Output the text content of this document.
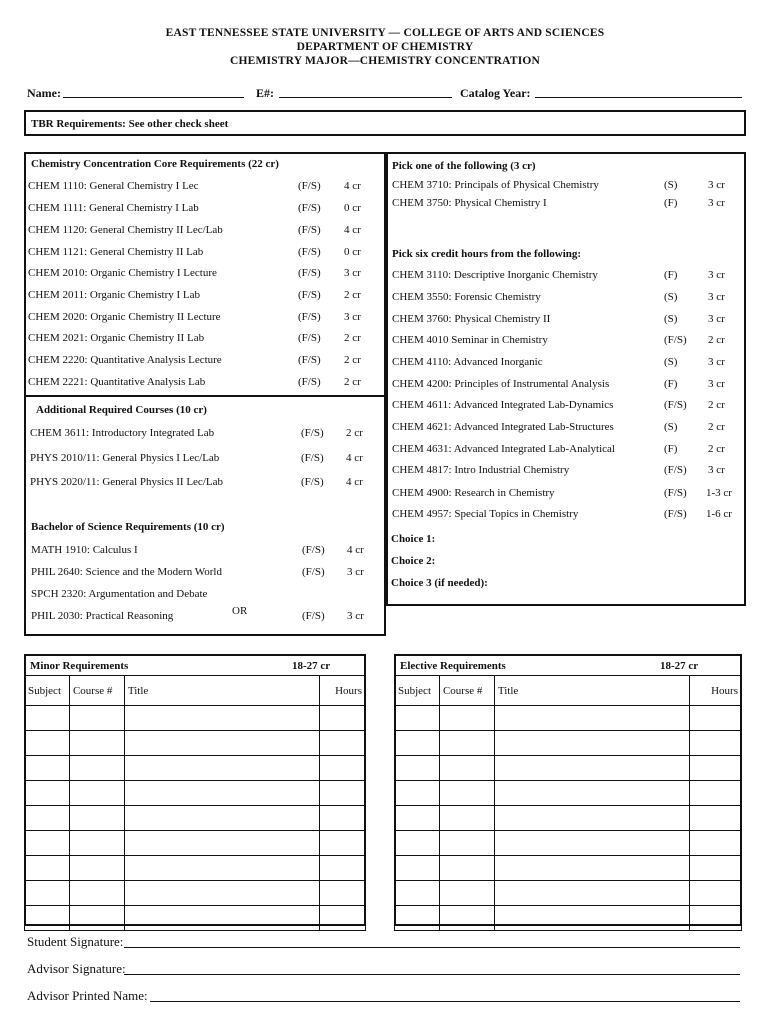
EAST TENNESSEE STATE UNIVERSITY — COLLEGE OF ARTS AND SCIENCES
DEPARTMENT OF CHEMISTRY
CHEMISTRY MAJOR—CHEMISTRY CONCENTRATION
Name:	E#:	Catalog Year:
TBR Requirements: See other check sheet
Chemistry Concentration Core Requirements (22 cr)
CHEM 1110: General Chemistry I Lec	(F/S) 4 cr
CHEM 1111: General Chemistry I Lab	(F/S) 0 cr
CHEM 1120: General Chemistry II Lec/Lab	(F/S) 4 cr
CHEM 1121: General Chemistry II Lab	(F/S) 0 cr
CHEM 2010: Organic Chemistry I Lecture	(F/S) 3 cr
CHEM 2011: Organic Chemistry I Lab	(F/S) 2 cr
CHEM 2020: Organic Chemistry II Lecture	(F/S) 3 cr
CHEM 2021: Organic Chemistry II Lab	(F/S) 2 cr
CHEM 2220: Quantitative Analysis Lecture	(F/S) 2 cr
CHEM 2221: Quantitative Analysis Lab	(F/S) 2 cr
Additional Required Courses (10 cr)
CHEM 3611: Introductory Integrated Lab	(F/S) 2 cr
PHYS 2010/11: General Physics I Lec/Lab	(F/S) 4 cr
PHYS 2020/11: General Physics II Lec/Lab	(F/S) 4 cr
Bachelor of Science Requirements (10 cr)
MATH 1910: Calculus I	(F/S) 4 cr
PHIL 2640: Science and the Modern World	(F/S) 3 cr
SPCH 2320: Argumentation and Debate
PHIL 2030: Practical Reasoning	(F/S) 3 cr
OR
Pick one of the following (3 cr)
CHEM 3710: Principals of Physical Chemistry	(S)	3 cr
CHEM 3750: Physical Chemistry I	(F)	3 cr
Pick six credit hours from the following:
CHEM 3110: Descriptive Inorganic Chemistry	(F)	3 cr
CHEM 3550: Forensic Chemistry	(S)	3 cr
CHEM 3760: Physical Chemistry II	(S)	3 cr
CHEM 4010 Seminar in Chemistry	(F/S) 2 cr
CHEM 4110: Advanced Inorganic	(S)	3 cr
CHEM 4200: Principles of Instrumental Analysis	(F)	3 cr
CHEM 4611: Advanced Integrated Lab-Dynamics	(F/S) 2 cr
CHEM 4621: Advanced Integrated Lab-Structures	(S)	2 cr
CHEM 4631: Advanced Integrated Lab-Analytical	(F)	2 cr
CHEM 4817: Intro Industrial Chemistry	(F/S) 3 cr
CHEM 4900: Research in Chemistry	(F/S) 1-3 cr
CHEM 4957: Special Topics in Chemistry	(F/S) 1-6 cr
Choice 1:
Choice 2:
Choice 3 (if needed):
Minor Requirements	18-27 cr
Subject	Course #	Title	Hours

Elective Requirements	18-27 cr
Subject	Course #	Title	Hours

Student Signature:
Advisor Signature:
Advisor Printed Name:
